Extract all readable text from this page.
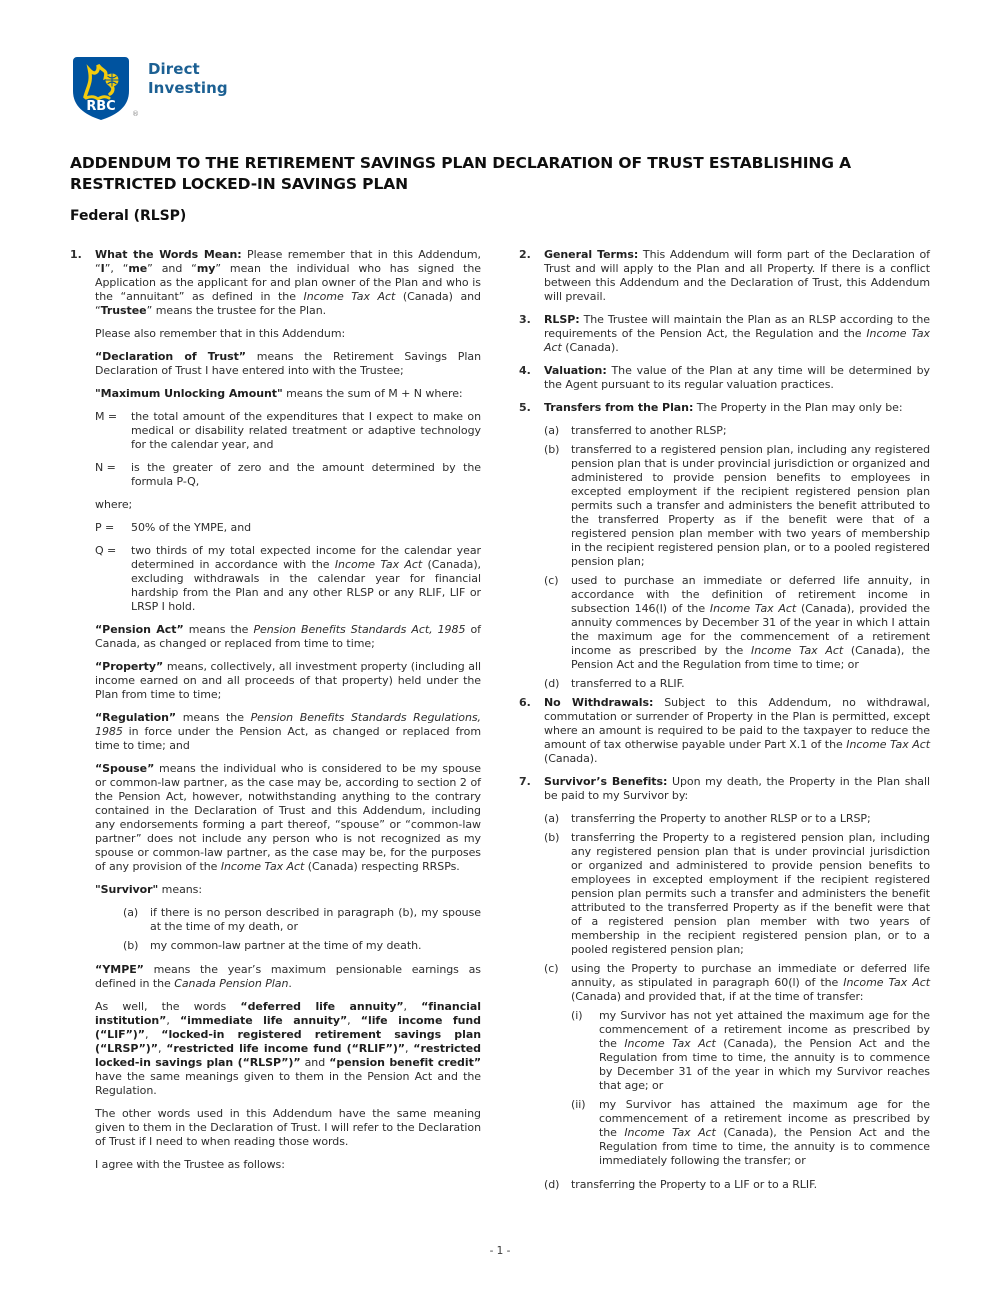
RBC ®
Direct
Investing
ADDENDUM TO THE RETIREMENT SAVINGS PLAN DECLARATION OF TRUST ESTABLISHING A
RESTRICTED LOCKED-IN SAVINGS PLAN
Federal (RLSP)
1.	What the Words Mean: Please remember that in this Addendum, “I”, “me” and “my” mean the individual who has signed the Application as the applicant for and plan owner of the Plan and who is the “annuitant” as defined in the Income Tax Act (Canada) and “Trustee” means the trustee for the Plan.
Please also remember that in this Addendum:
“Declaration of Trust” means the Retirement Savings Plan Declaration of Trust I have entered into with the Trustee;
"Maximum Unlocking Amount" means the sum of M + N where:
M =	the total amount of the expenditures that I expect to make on medical or disability related treatment or adaptive technology for the calendar year, and
N =	is the greater of zero and the amount determined by the formula P-Q,
where;
P =	50% of the YMPE, and
Q =	two thirds of my total expected income for the calendar year determined in accordance with the Income Tax Act (Canada), excluding withdrawals in the calendar year for financial hardship from the Plan and any other RLSP or any RLIF, LIF or LRSP I hold.
“Pension Act” means the Pension Benefits Standards Act, 1985 of Canada, as changed or replaced from time to time;
“Property” means, collectively, all investment property (including all income earned on and all proceeds of that property) held under the Plan from time to time;
“Regulation” means the Pension Benefits Standards Regulations, 1985 in force under the Pension Act, as changed or replaced from time to time; and
“Spouse” means the individual who is considered to be my spouse or common-law partner, as the case may be, according to section 2 of the Pension Act, however, notwithstanding anything to the contrary contained in the Declaration of Trust and this Addendum, including any endorsements forming a part thereof, “spouse” or “common-law partner” does not include any person who is not recognized as my spouse or common-law partner, as the case may be, for the purposes of any provision of the Income Tax Act (Canada) respecting RRSPs.
"Survivor" means:
(a)	if there is no person described in paragraph (b), my spouse at the time of my death, or
(b)	my common-law partner at the time of my death.
“YMPE” means the year’s maximum pensionable earnings as defined in the Canada Pension Plan.
As well, the words “deferred life annuity”, “financial institution”, “immediate life annuity”, “life income fund (“LIF”)”, “locked-in registered retirement savings plan (“LRSP”)”, “restricted life income fund (“RLIF”)”, “restricted locked-in savings plan (“RLSP”)” and “pension benefit credit” have the same meanings given to them in the Pension Act and the Regulation.
The other words used in this Addendum have the same meaning given to them in the Declaration of Trust. I will refer to the Declaration of Trust if I need to when reading those words.
I agree with the Trustee as follows:
2.	General Terms: This Addendum will form part of the Declaration of Trust and will apply to the Plan and all Property. If there is a conflict between this Addendum and the Declaration of Trust, this Addendum will prevail.
3.	RLSP: The Trustee will maintain the Plan as an RLSP according to the requirements of the Pension Act, the Regulation and the Income Tax Act (Canada).
4.	Valuation: The value of the Plan at any time will be determined by the Agent pursuant to its regular valuation practices.
5.	Transfers from the Plan: The Property in the Plan may only be:
(a)	transferred to another RLSP;
(b)	transferred to a registered pension plan, including any registered pension plan that is under provincial jurisdiction or organized and administered to provide pension benefits to employees in excepted employment if the recipient registered pension plan permits such a transfer and administers the benefit attributed to the transferred Property as if the benefit were that of a registered pension plan member with two years of membership in the recipient registered pension plan, or to a pooled registered pension plan;
(c)	used to purchase an immediate or deferred life annuity, in accordance with the definition of retirement income in subsection 146(l) of the Income Tax Act (Canada), provided the annuity commences by December 31 of the year in which I attain the maximum age for the commencement of a retirement income as prescribed by the Income Tax Act (Canada), the Pension Act and the Regulation from time to time; or
(d)	transferred to a RLIF.
6.	No Withdrawals: Subject to this Addendum, no withdrawal, commutation or surrender of Property in the Plan is permitted, except where an amount is required to be paid to the taxpayer to reduce the amount of tax otherwise payable under Part X.1 of the Income Tax Act (Canada).
7.	Survivor’s Benefits: Upon my death, the Property in the Plan shall be paid to my Survivor by:
(a)	transferring the Property to another RLSP or to a LRSP;
(b)	transferring the Property to a registered pension plan, including any registered pension plan that is under provincial jurisdiction or organized and administered to provide pension benefits to employees in excepted employment if the recipient registered pension plan permits such a transfer and administers the benefit attributed to the transferred Property as if the benefit were that of a registered pension plan member with two years of membership in the recipient registered pension plan, or to a pooled registered pension plan;
(c)	using the Property to purchase an immediate or deferred life annuity, as stipulated in paragraph 60(l) of the Income Tax Act (Canada) and provided that, if at the time of transfer:
(i)	my Survivor has not yet attained the maximum age for the commencement of a retirement income as prescribed by the Income Tax Act (Canada), the Pension Act and the Regulation from time to time, the annuity is to commence by December 31 of the year in which my Survivor reaches that age; or
(ii)	my Survivor has attained the maximum age for the commencement of a retirement income as prescribed by the Income Tax Act (Canada), the Pension Act and the Regulation from time to time, the annuity is to commence immediately following the transfer; or
(d)	transferring the Property to a LIF or to a RLIF.
- 1 -
